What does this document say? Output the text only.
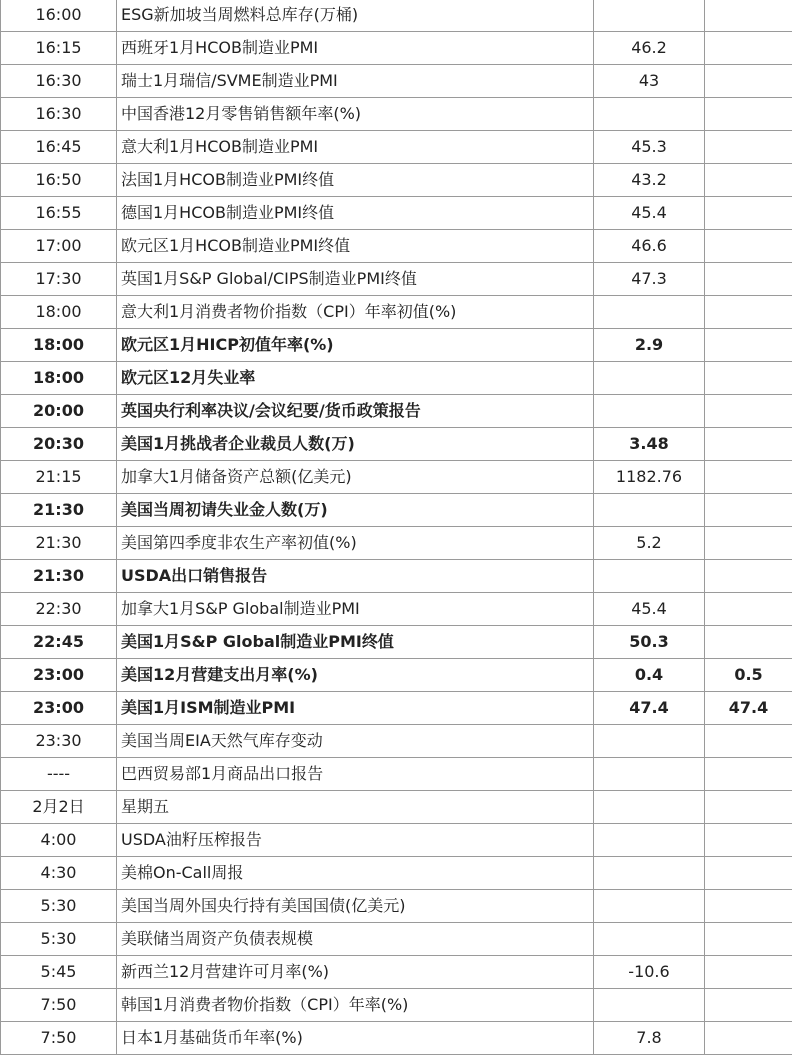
16:00	ESG新加坡当周燃料总库存(万桶)		
16:15	西班牙1月HCOB制造业PMI	46.2	
16:30	瑞士1月瑞信/SVME制造业PMI	43	
16:30	中国香港12月零售销售额年率(%)		
16:45	意大利1月HCOB制造业PMI	45.3	
16:50	法国1月HCOB制造业PMI终值	43.2	
16:55	德国1月HCOB制造业PMI终值	45.4	
17:00	欧元区1月HCOB制造业PMI终值	46.6	
17:30	英国1月S&P Global/CIPS制造业PMI终值	47.3	
18:00	意大利1月消费者物价指数（CPI）年率初值(%)		
18:00	欧元区1月HICP初值年率(%)	2.9	
18:00	欧元区12月失业率		
20:00	英国央行利率决议/会议纪要/货币政策报告		
20:30	美国1月挑战者企业裁员人数(万)	3.48	
21:15	加拿大1月储备资产总额(亿美元)	1182.76	
21:30	美国当周初请失业金人数(万)		
21:30	美国第四季度非农生产率初值(%)	5.2	
21:30	USDA出口销售报告		
22:30	加拿大1月S&P Global制造业PMI	45.4	
22:45	美国1月S&P Global制造业PMI终值	50.3	
23:00	美国12月营建支出月率(%)	0.4	0.5
23:00	美国1月ISM制造业PMI	47.4	47.4
23:30	美国当周EIA天然气库存变动		
----	巴西贸易部1月商品出口报告		
2月2日	星期五		
4:00	USDA油籽压榨报告		
4:30	美棉On-Call周报		
5:30	美国当周外国央行持有美国国债(亿美元)		
5:30	美联储当周资产负债表规模		
5:45	新西兰12月营建许可月率(%)	-10.6	
7:50	韩国1月消费者物价指数（CPI）年率(%)		
7:50	日本1月基础货币年率(%)	7.8	
